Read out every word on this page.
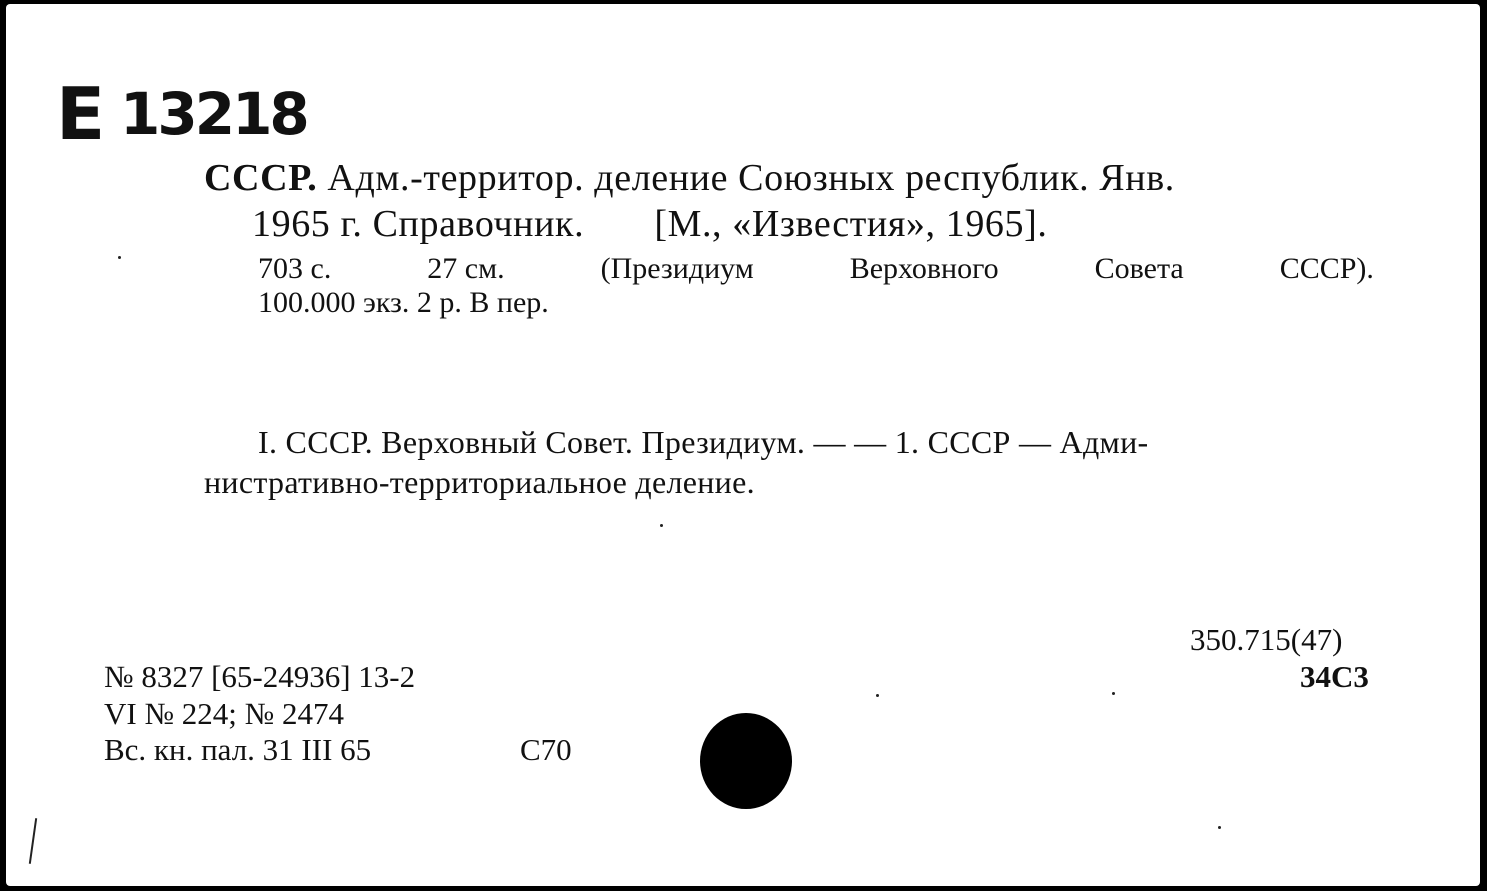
E 13218
СССР. Адм.-территор. деление Союзных республик. Янв.
1965 г. Справочник. [М., «Известия», 1965].
703 с.	27 см.	(Президиум	Верховного	Совета	СССР).
100.000 экз. 2 р. В пер.
I. СССР. Верховный Совет. Президиум. — — 1. СССР — Адми-
нистративно-территориальное деление.
350.715(47)
34С3
№ 8327 [65-24936] 13-2
VI № 224; № 2474
Вс. кн. пал. 31 III 65	С70
